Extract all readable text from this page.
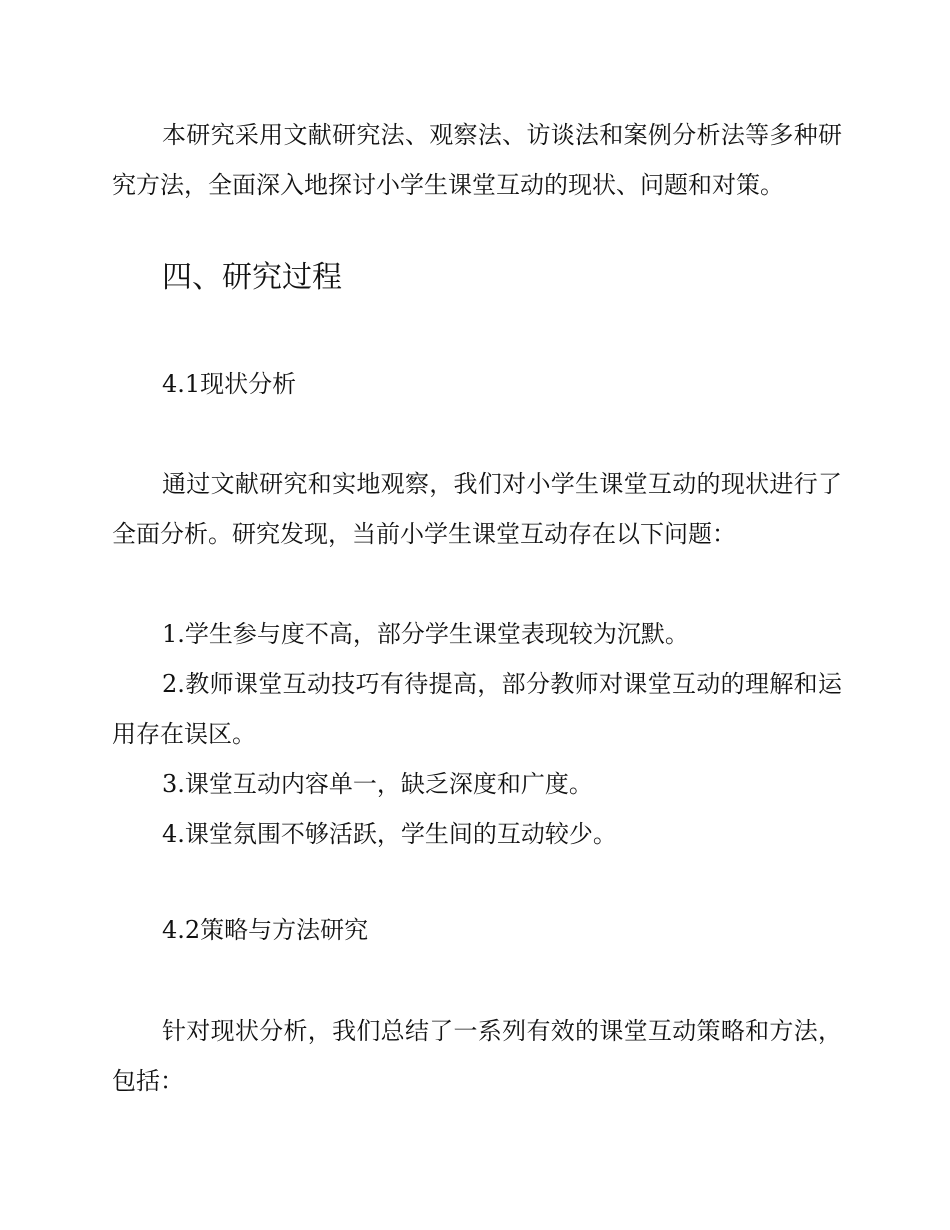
本研究采用文献研究法、观察法、访谈法和案例分析法等多种研究方法，全面深入地探讨小学生课堂互动的现状、问题和对策。

四、研究过程
4.1现状分析

通过文献研究和实地观察，我们对小学生课堂互动的现状进行了全面分析。研究发现，当前小学生课堂互动存在以下问题：

1.学生参与度不高，部分学生课堂表现较为沉默。

2.教师课堂互动技巧有待提高，部分教师对课堂互动的理解和运用存在误区。

3.课堂互动内容单一，缺乏深度和广度。

4.课堂氛围不够活跃，学生间的互动较少。

4.2策略与方法研究

针对现状分析，我们总结了一系列有效的课堂互动策略和方法，包括：
